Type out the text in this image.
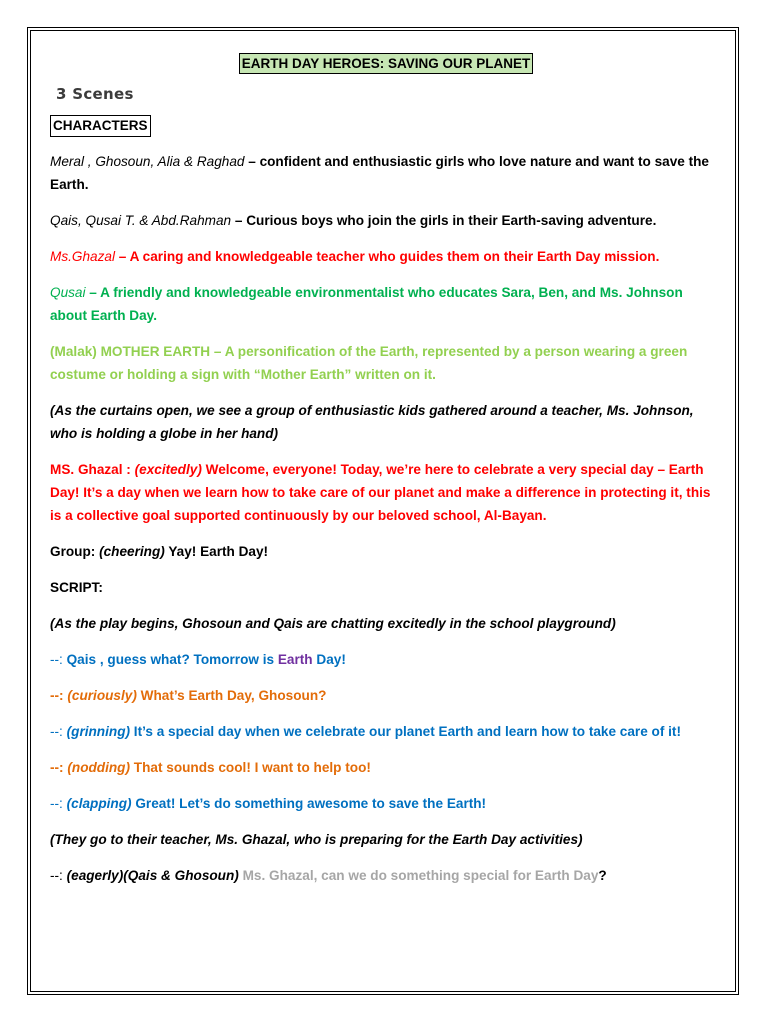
EARTH DAY HEROES: SAVING OUR PLANET
3 Scenes

CHARACTERS

Meral , Ghosoun, Alia & Raghad – confident and enthusiastic girls who love nature and want to save the Earth.

Qais, Qusai T. & Abd.Rahman – Curious boys who join the girls in their Earth-saving adventure.

Ms.Ghazal – A caring and knowledgeable teacher who guides them on their Earth Day mission.

Qusai – A friendly and knowledgeable environmentalist who educates Sara, Ben, and Ms. Johnson about Earth Day.

(Malak) MOTHER EARTH – A personification of the Earth, represented by a person wearing a green costume or holding a sign with “Mother Earth” written on it.

(As the curtains open, we see a group of enthusiastic kids gathered around a teacher, Ms. Johnson, who is holding a globe in her hand)

MS. Ghazal : (excitedly) Welcome, everyone! Today, we’re here to celebrate a very special day – Earth Day! It’s a day when we learn how to take care of our planet and make a difference in protecting it, this is a collective goal supported continuously by our beloved school, Al-Bayan.

Group: (cheering) Yay! Earth Day!

SCRIPT:

(As the play begins, Ghosoun and Qais are chatting excitedly in the school playground)

--: Qais , guess what? Tomorrow is Earth Day!

--: (curiously) What’s Earth Day, Ghosoun?

--: (grinning) It’s a special day when we celebrate our planet Earth and learn how to take care of it!

--: (nodding) That sounds cool! I want to help too!

--: (clapping) Great! Let’s do something awesome to save the Earth!

(They go to their teacher, Ms. Ghazal, who is preparing for the Earth Day activities)

--: (eagerly)(Qais & Ghosoun) Ms. Ghazal, can we do something special for Earth Day?
